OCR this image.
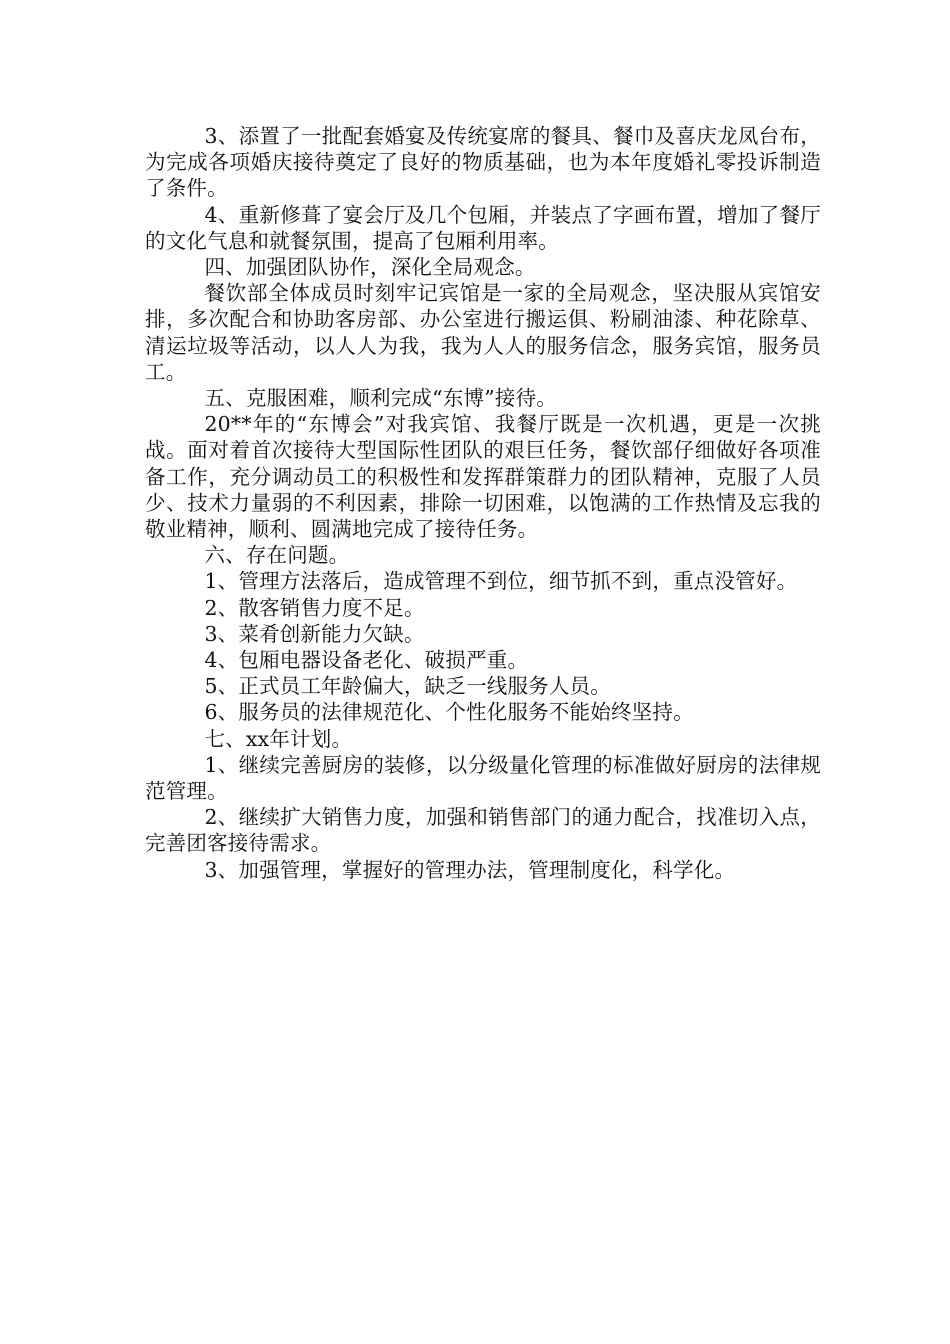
3、添置了一批配套婚宴及传统宴席的餐具、餐巾及喜庆龙凤台布，为完成各项婚庆接待奠定了良好的物质基础，也为本年度婚礼零投诉制造了条件。

4、重新修葺了宴会厅及几个包厢，并装点了字画布置，增加了餐厅的文化气息和就餐氛围，提高了包厢利用率。

四、加强团队协作，深化全局观念。

餐饮部全体成员时刻牢记宾馆是一家的全局观念，坚决服从宾馆安排，多次配合和协助客房部、办公室进行搬运俱、粉刷油漆、种花除草、清运垃圾等活动，以人人为我，我为人人的服务信念，服务宾馆，服务员工。

五、克服困难，顺利完成“东博”接待。

20**年的“东博会”对我宾馆、我餐厅既是一次机遇，更是一次挑战。面对着首次接待大型国际性团队的艰巨任务，餐饮部仔细做好各项准备工作，充分调动员工的积极性和发挥群策群力的团队精神，克服了人员少、技术力量弱的不利因素，排除一切困难，以饱满的工作热情及忘我的敬业精神，顺利、圆满地完成了接待任务。

六、存在问题。

1、管理方法落后，造成管理不到位，细节抓不到，重点没管好。

2、散客销售力度不足。

3、菜肴创新能力欠缺。

4、包厢电器设备老化、破损严重。

5、正式员工年龄偏大，缺乏一线服务人员。

6、服务员的法律规范化、个性化服务不能始终坚持。

七、xx年计划。

1、继续完善厨房的装修，以分级量化管理的标准做好厨房的法律规范管理。

2、继续扩大销售力度，加强和销售部门的通力配合，找准切入点，完善团客接待需求。

3、加强管理，掌握好的管理办法，管理制度化，科学化。
